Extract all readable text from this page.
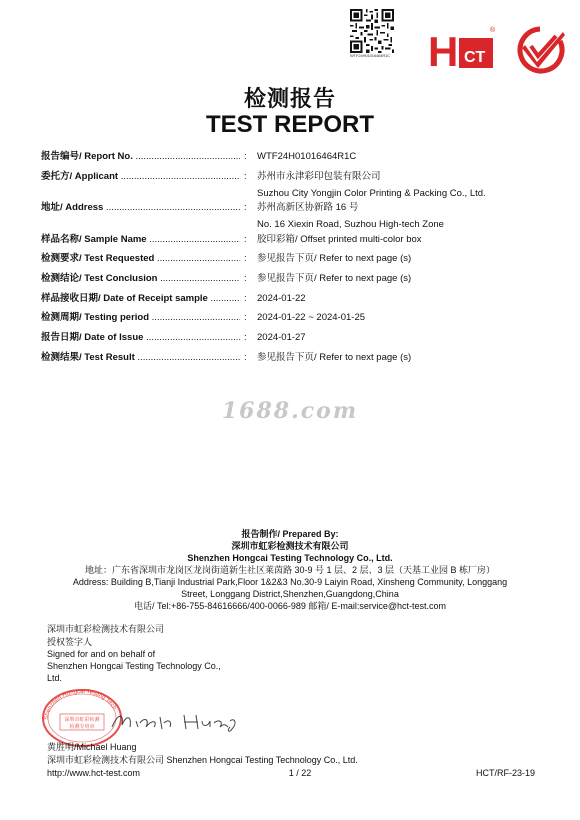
WTF24H01016464R1C H CT
®
检测报告
TEST REPORT
报告编号/ Report No. .....	:	WTF24H01016464R1C
委托方/ Applicant .....	:	苏州市永津彩印包装有限公司
Suzhou City Yongjin Color Printing & Packing Co., Ltd.
地址/ Address .....	:	苏州高新区协新路 16 号
No. 16 Xiexin Road, Suzhou High-tech Zone
样品名称/ Sample Name .....	:	胶印彩箱/ Offset printed multi-color box
检测要求/ Test Requested .....	:	参见报告下页/ Refer to next page (s)
检测结论/ Test Conclusion .....	:	参见报告下页/ Refer to next page (s)
样品接收日期/ Date of Receipt sample .....	:	2024-01-22
检测周期/ Testing period .....	:	2024-01-22 ~ 2024-01-25
报告日期/ Date of Issue .....	:	2024-01-27
检测结果/ Test Result .....	:	参见报告下页/ Refer to next page (s)
1688.com
报告制作/ Prepared By:
深圳市虹彩检测技术有限公司
Shenzhen Hongcai Testing Technology Co., Ltd.
地址：广东省深圳市龙岗区龙岗街道新生社区莱茵路 30-9 号 1 层、2 层、3 层（天基工业园 B 栋厂房）
Address: Building B,Tianji Industrial Park,Floor 1&2&3 No.30-9 Laiyin Road, Xinsheng Community, Longgang
Street, Longgang District,Shenzhen,Guangdong,China
电话/ Tel:+86-755-84616666/400-0066-989 邮箱/ E-mail:service@hct-test.com
深圳市虹彩检测技术有限公司
授权签字人
Signed for and on behalf of
Shenzhen Hongcai Testing Technology Co.,
Ltd.
Shenzhen Hongcai Testing Tech
深圳市虹彩检测
检测专用章
黄胜明/Michael Huang
深圳市虹彩检测技术有限公司 Shenzhen Hongcai Testing Technology Co., Ltd.
http://www.hct-test.com	1 / 22	HCT/RF-23-19
